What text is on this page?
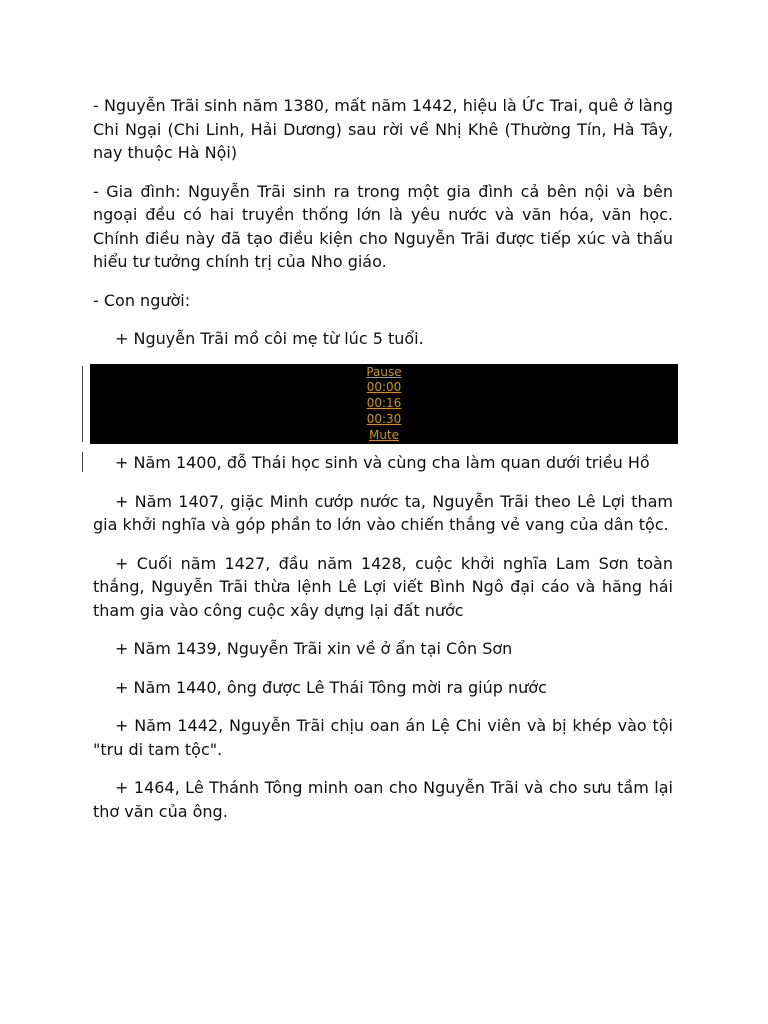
- Nguyễn Trãi sinh năm 1380, mất năm 1442, hiệu là Ức Trai, quê ở làng Chi Ngại (Chi Linh, Hải Dương) sau rời về Nhị Khê (Thường Tín, Hà Tây, nay thuộc Hà Nội)

- Gia đình: Nguyễn Trãi sinh ra trong một gia đình cả bên nội và bên ngoại đều có hai truyền thống lớn là yêu nước và văn hóa, văn học. Chính điều này đã tạo điều kiện cho Nguyễn Trãi được tiếp xúc và thấu hiểu tư tưởng chính trị của Nho giáo.

- Con người:

+ Nguyễn Trãi mồ côi mẹ từ lúc 5 tuổi.

Pause
00:00
00:16
00:30
Mute

+ Năm 1400, đỗ Thái học sinh và cùng cha làm quan dưới triều Hồ

+ Năm 1407, giặc Minh cướp nước ta, Nguyễn Trãi theo Lê Lợi tham gia khởi nghĩa và góp phần to lớn vào chiến thắng vẻ vang của dân tộc.

+ Cuối năm 1427, đầu năm 1428, cuộc khởi nghĩa Lam Sơn toàn thắng, Nguyễn Trãi thừa lệnh Lê Lợi viết Bình Ngô đại cáo và hăng hái tham gia vào công cuộc xây dựng lại đất nước

+ Năm 1439, Nguyễn Trãi xin về ở ẩn tại Côn Sơn

+ Năm 1440, ông được Lê Thái Tông mời ra giúp nước

+ Năm 1442, Nguyễn Trãi chịu oan án Lệ Chi viên và bị khép vào tội "tru di tam tộc".

+ 1464, Lê Thánh Tông minh oan cho Nguyễn Trãi và cho sưu tầm lại thơ văn của ông.
